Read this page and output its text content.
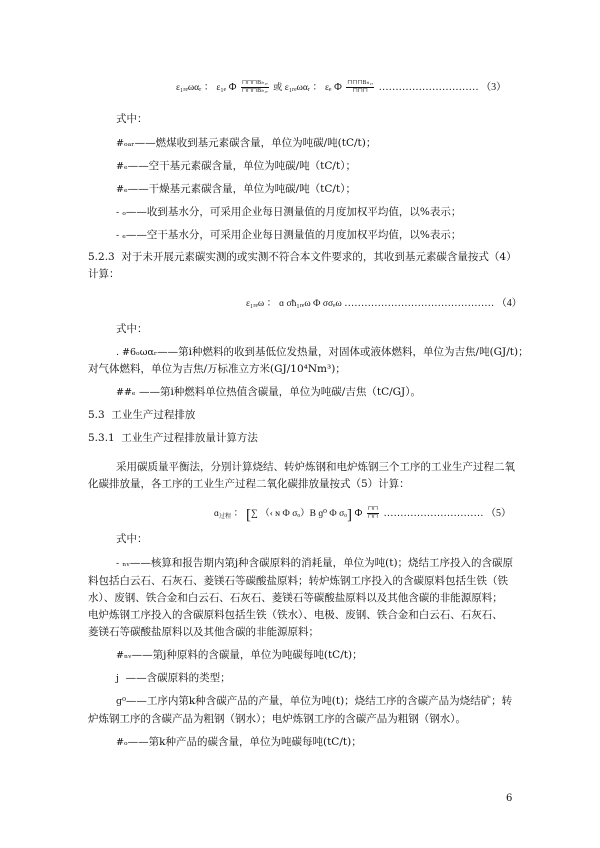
ε₁ᵣₑωαᵣ ： ε₁ₑ Ф $\frac{\text{⊓⊓⊓Β»₁ₑ}}{\text{⊓⊓⊓Β»₁ₑ}}$ 或 ε₁ᵣₑωαᵣ ： εₑ Ф $\frac{\text{⊓⊓⊓Β»₁ₑ}}{⊓⊓⊓}$ ………………………… （3）
式中：
#ₒₐᵣ——燃煤收到基元素碳含量，单位为吨碳/吨(tC/t)；
#ₑ——空干基元素碳含量，单位为吨碳/吨（tC/t）；
#ₑ——干燥基元素碳含量，单位为吨碳/吨（tC/t）；
- ₒ——收到基水分，可采用企业每日测量值的月度加权平均值，以%表示；
- ₑ——空干基水分，可采用企业每日测量值的月度加权平均值，以%表示；
5.2.3 对于未开展元素碳实测的或实测不符合本文件要求的，其收到基元素碳含量按式（4）
计算：
ε₁ᵣₑω ： ɑ σħ₁ᵣₑω Ф σσₑω ……………………………………… （4）
式中：
. #6ₒωαᵣ——第i种燃料的收到基低位发热量，对固体或液体燃料，单位为吉焦/吨(GJ/t)；
对气体燃料，单位为吉焦/万标准立方米(GJ/10⁴Nm³)；
##ₑ ——第i种燃料单位热值含碳量，单位为吨碳/吉焦（tC/GJ）。
5.3 工业生产过程排放
5.3.1 工业生产过程排放量计算方法
采用碳质量平衡法，分别计算烧结、转炉炼钢和电炉炼钢三个工序的工业生产过程二氧
化碳排放量，各工序的工业生产过程二氧化碳排放量按式（5）计算：
ɑ$_{过程}$ ： [∑ （‹ ɴ Ф σₒ）Β ɡ⁰ Ф σₒ] Ф $\frac{⊓⊓}{⊓⊓}$ ………………………… （5）
式中：
- ₙᵥ——核算和报告期内第j种含碳原料的消耗量，单位为吨(t)；烧结工序投入的含碳原
料包括白云石、石灰石、菱镁石等碳酸盐原料；转炉炼钢工序投入的含碳原料包括生铁（铁
水）、废钢、铁合金和白云石、石灰石、菱镁石等碳酸盐原料以及其他含碳的非能源原料；
电炉炼钢工序投入的含碳原料包括生铁（铁水）、电极、废钢、铁合金和白云石、石灰石、
菱镁石等碳酸盐原料以及其他含碳的非能源原料；
#ₙᵥ——第j种原料的含碳量，单位为吨碳每吨(tC/t)；
j ——含碳原料的类型；
ɡ⁰——工序内第k种含碳产品的产量，单位为吨(t)；烧结工序的含碳产品为烧结矿；转
炉炼钢工序的含碳产品为粗钢（钢水）；电炉炼钢工序的含碳产品为粗钢（钢水）。
#ₒ——第k种产品的碳含量，单位为吨碳每吨(tC/t)；
6
